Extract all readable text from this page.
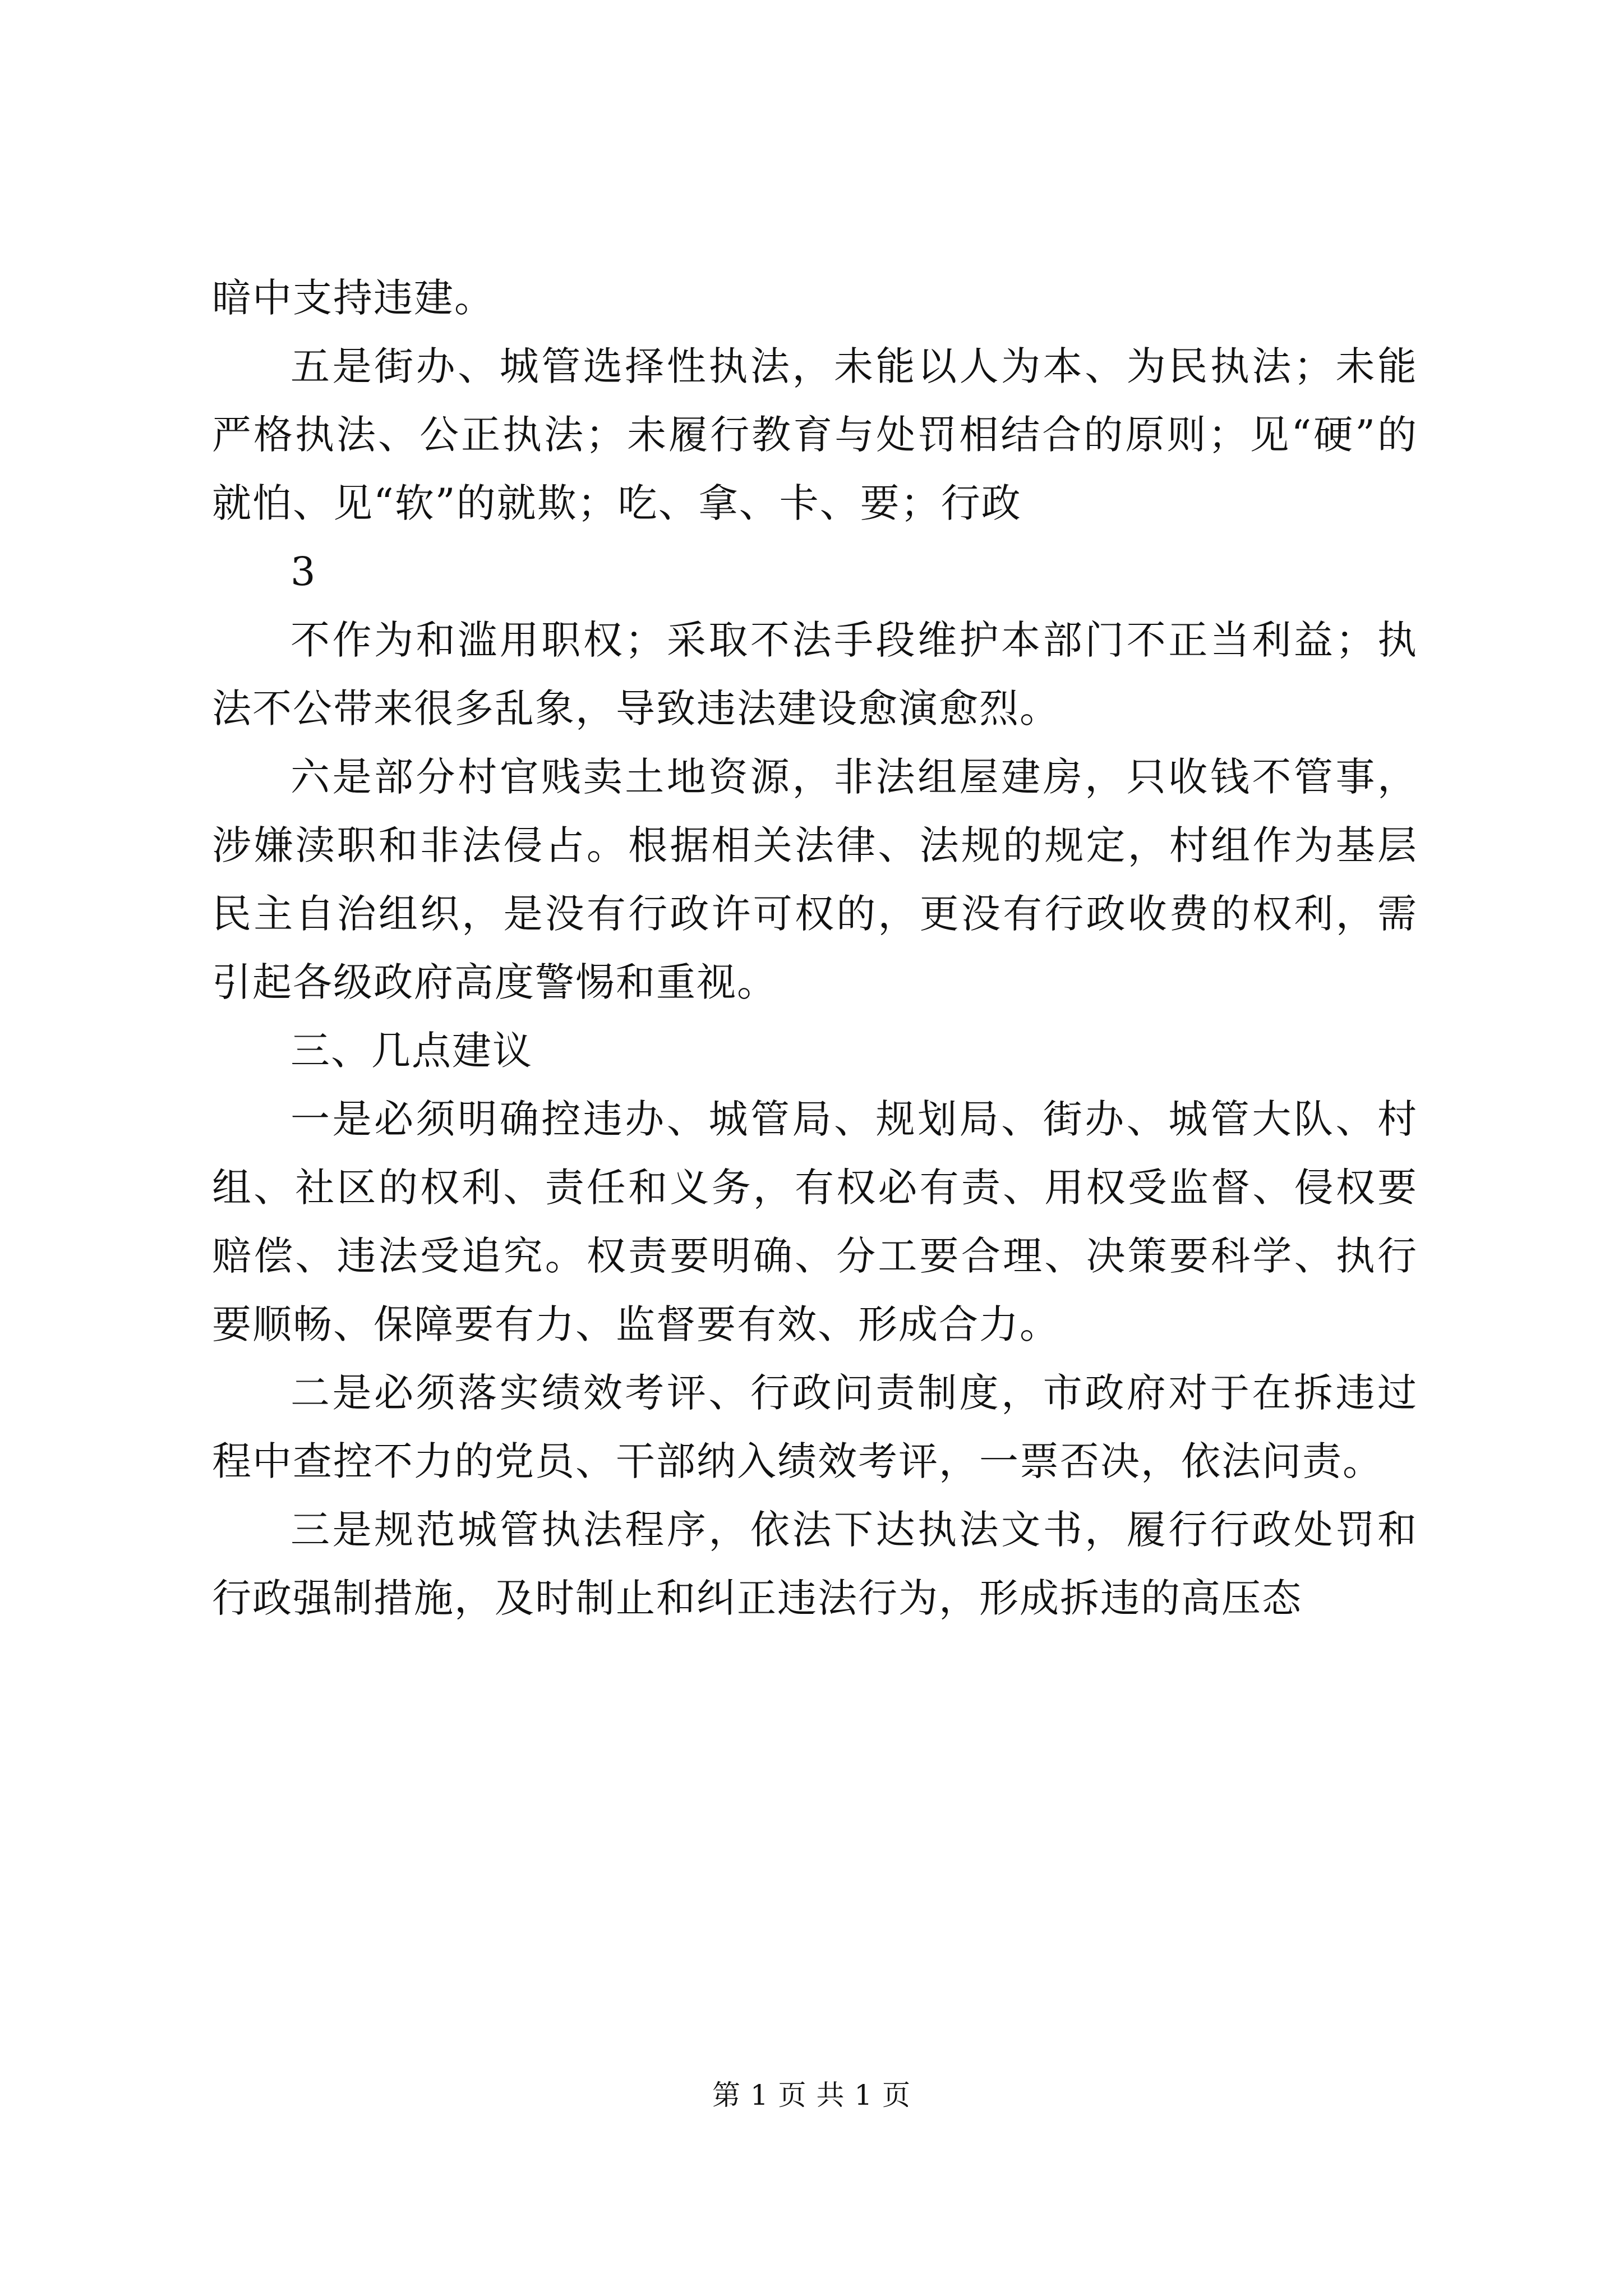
暗中支持违建。

五是街办、城管选择性执法，未能以人为本、为民执法；未能严格执法、公正执法；未履行教育与处罚相结合的原则；见“硬”的就怕、见“软”的就欺；吃、拿、卡、要；行政

3

不作为和滥用职权；采取不法手段维护本部门不正当利益；执法不公带来很多乱象，导致违法建设愈演愈烈。

六是部分村官贱卖土地资源，非法组屋建房，只收钱不管事，涉嫌渎职和非法侵占。根据相关法律、法规的规定，村组作为基层民主自治组织，是没有行政许可权的，更没有行政收费的权利，需引起各级政府高度警惕和重视。

三、几点建议

一是必须明确控违办、城管局、规划局、街办、城管大队、村组、社区的权利、责任和义务，有权必有责、用权受监督、侵权要赔偿、违法受追究。权责要明确、分工要合理、决策要科学、执行要顺畅、保障要有力、监督要有效、形成合力。

二是必须落实绩效考评、行政问责制度，市政府对于在拆违过程中查控不力的党员、干部纳入绩效考评，一票否决，依法问责。

三是规范城管执法程序，依法下达执法文书，履行行政处罚和行政强制措施，及时制止和纠正违法行为，形成拆违的高压态

第 1 页 共 1 页
